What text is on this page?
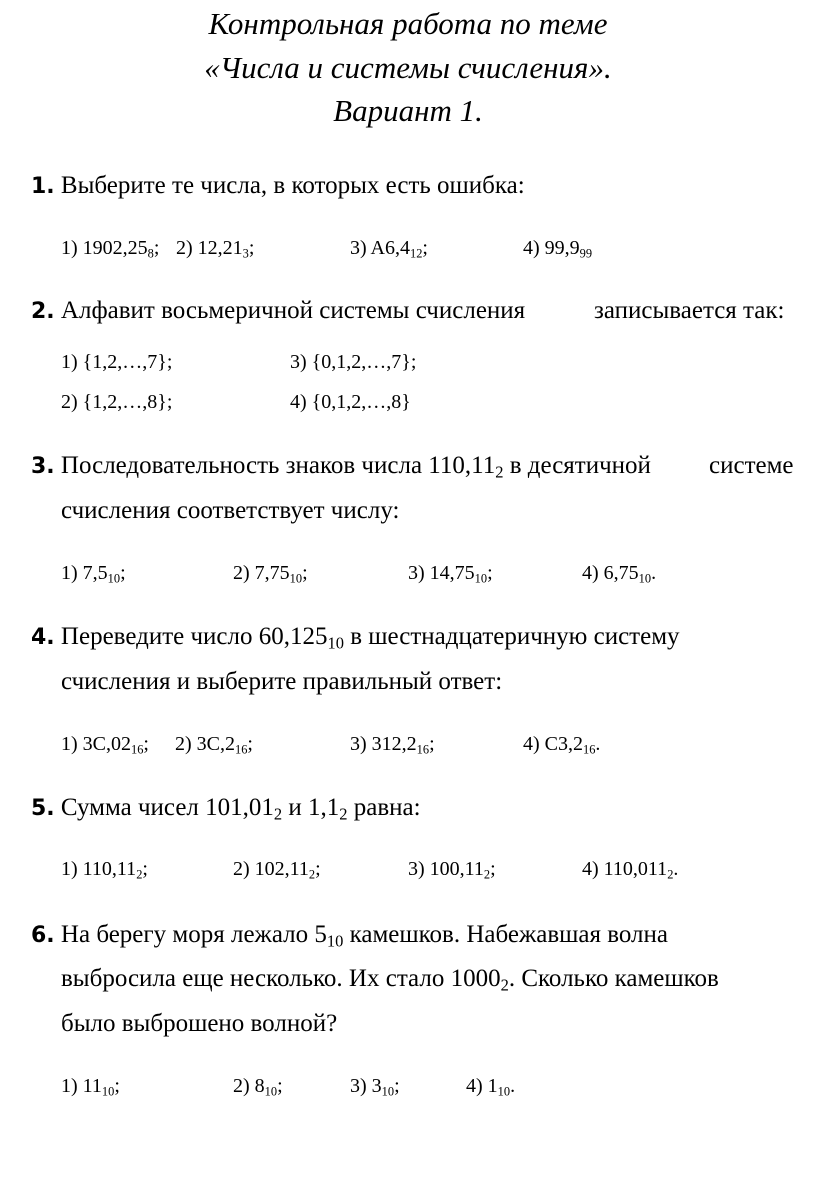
Контрольная работа по теме
«Числа и системы счисления».
Вариант 1.
1. Выберите те числа, в которых есть ошибка:
1) $1902,25_8$; 2) $12,21_3$;	3) $A6,4_{12}$;	4) $99,9_{99}$
2. Алфавит восьмеричной системы счисления	записывается так:
1) {1,2,…,7};	3) {0,1,2,…,7};
2) {1,2,…,8};	4) {0,1,2,…,8}
3. Последовательность знаков числа $110,11_2$ в десятичной системе
счисления соответствует числу:
1) $7,5_{10}$;	2) $7,75_{10}$;	3) $14,75_{10}$;	4) $6,75_{10}$.
4. Переведите число $60,125_{10}$ в шестнадцатеричную систему
счисления и выберите правильный ответ:
1) $3C,02_{16}$; 2) $3C,2_{16}$;	3) $312,2_{16}$;	4) $C3,2_{16}$.
5. Сумма чисел $101,01_2$ и $1,1_2$ равна:
1) $110,11_2$;	2) $102,11_2$;	3) $100,11_2$;	4) $110,011_2$.
6. На берегу моря лежало $5_{10}$ камешков. Набежавшая волна
выбросила еще несколько. Их стало $1000_2$. Сколько камешков
было выброшено волной?
1) $11_{10}$;	2) $8_{10}$;	3) $3_{10}$;	4) $1_{10}$.
